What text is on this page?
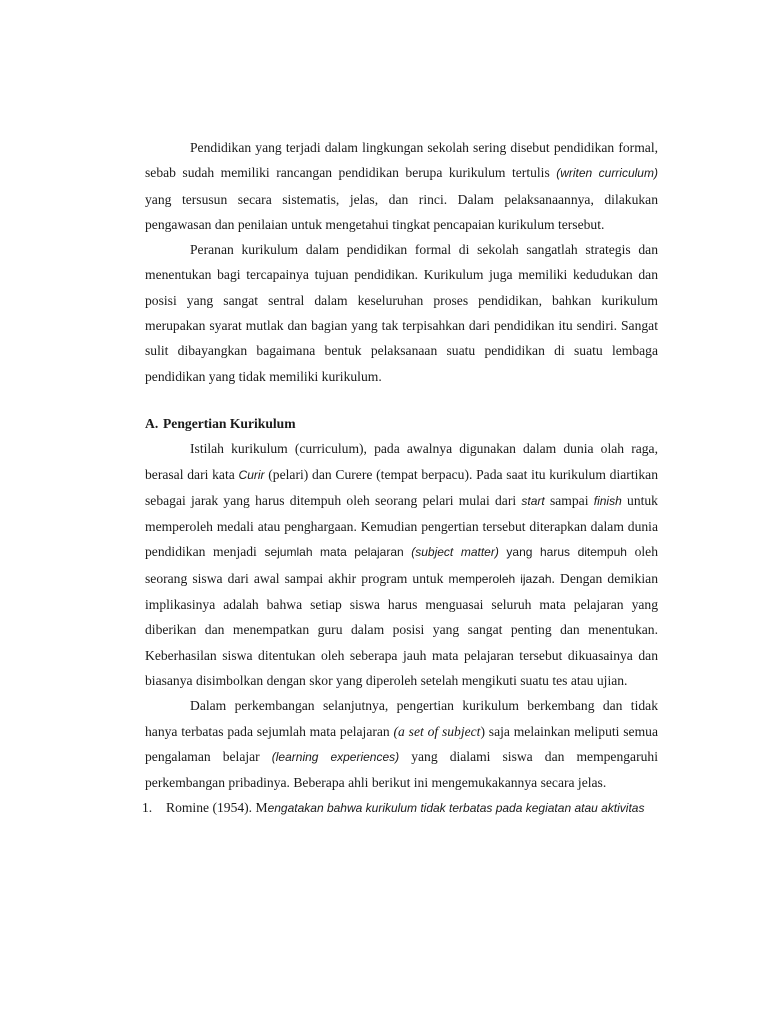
Pendidikan yang terjadi dalam lingkungan sekolah sering disebut pendidikan formal, sebab sudah memiliki rancangan pendidikan berupa kurikulum tertulis (writen curriculum) yang tersusun secara sistematis, jelas, dan rinci. Dalam pelaksanaannya, dilakukan pengawasan dan penilaian untuk mengetahui tingkat pencapaian kurikulum tersebut.

Peranan kurikulum dalam pendidikan formal di sekolah sangatlah strategis dan menentukan bagi tercapainya tujuan pendidikan. Kurikulum juga memiliki kedudukan dan posisi yang sangat sentral dalam keseluruhan proses pendidikan, bahkan kurikulum merupakan syarat mutlak dan bagian yang tak terpisahkan dari pendidikan itu sendiri. Sangat sulit dibayangkan bagaimana bentuk pelaksanaan suatu pendidikan di suatu lembaga pendidikan yang tidak memiliki kurikulum.

A. Pengertian Kurikulum

Istilah kurikulum (curriculum), pada awalnya digunakan dalam dunia olah raga, berasal dari kata Curir (pelari) dan Curere (tempat berpacu). Pada saat itu kurikulum diartikan sebagai jarak yang harus ditempuh oleh seorang pelari mulai dari start sampai finish untuk memperoleh medali atau penghargaan. Kemudian pengertian tersebut diterapkan dalam dunia pendidikan menjadi sejumlah mata pelajaran (subject matter) yang harus ditempuh oleh seorang siswa dari awal sampai akhir program untuk memperoleh ijazah. Dengan demikian implikasinya adalah bahwa setiap siswa harus menguasai seluruh mata pelajaran yang diberikan dan menempatkan guru dalam posisi yang sangat penting dan menentukan. Keberhasilan siswa ditentukan oleh seberapa jauh mata pelajaran tersebut dikuasainya dan biasanya disimbolkan dengan skor yang diperoleh setelah mengikuti suatu tes atau ujian.

Dalam perkembangan selanjutnya, pengertian kurikulum berkembang dan tidak hanya terbatas pada sejumlah mata pelajaran (a set of subject) saja melainkan meliputi semua pengalaman belajar (learning experiences) yang dialami siswa dan mempengaruhi perkembangan pribadinya. Beberapa ahli berikut ini mengemukakannya secara jelas.

1. Romine (1954). Mengatakan bahwa kurikulum tidak terbatas pada kegiatan atau aktivitas
